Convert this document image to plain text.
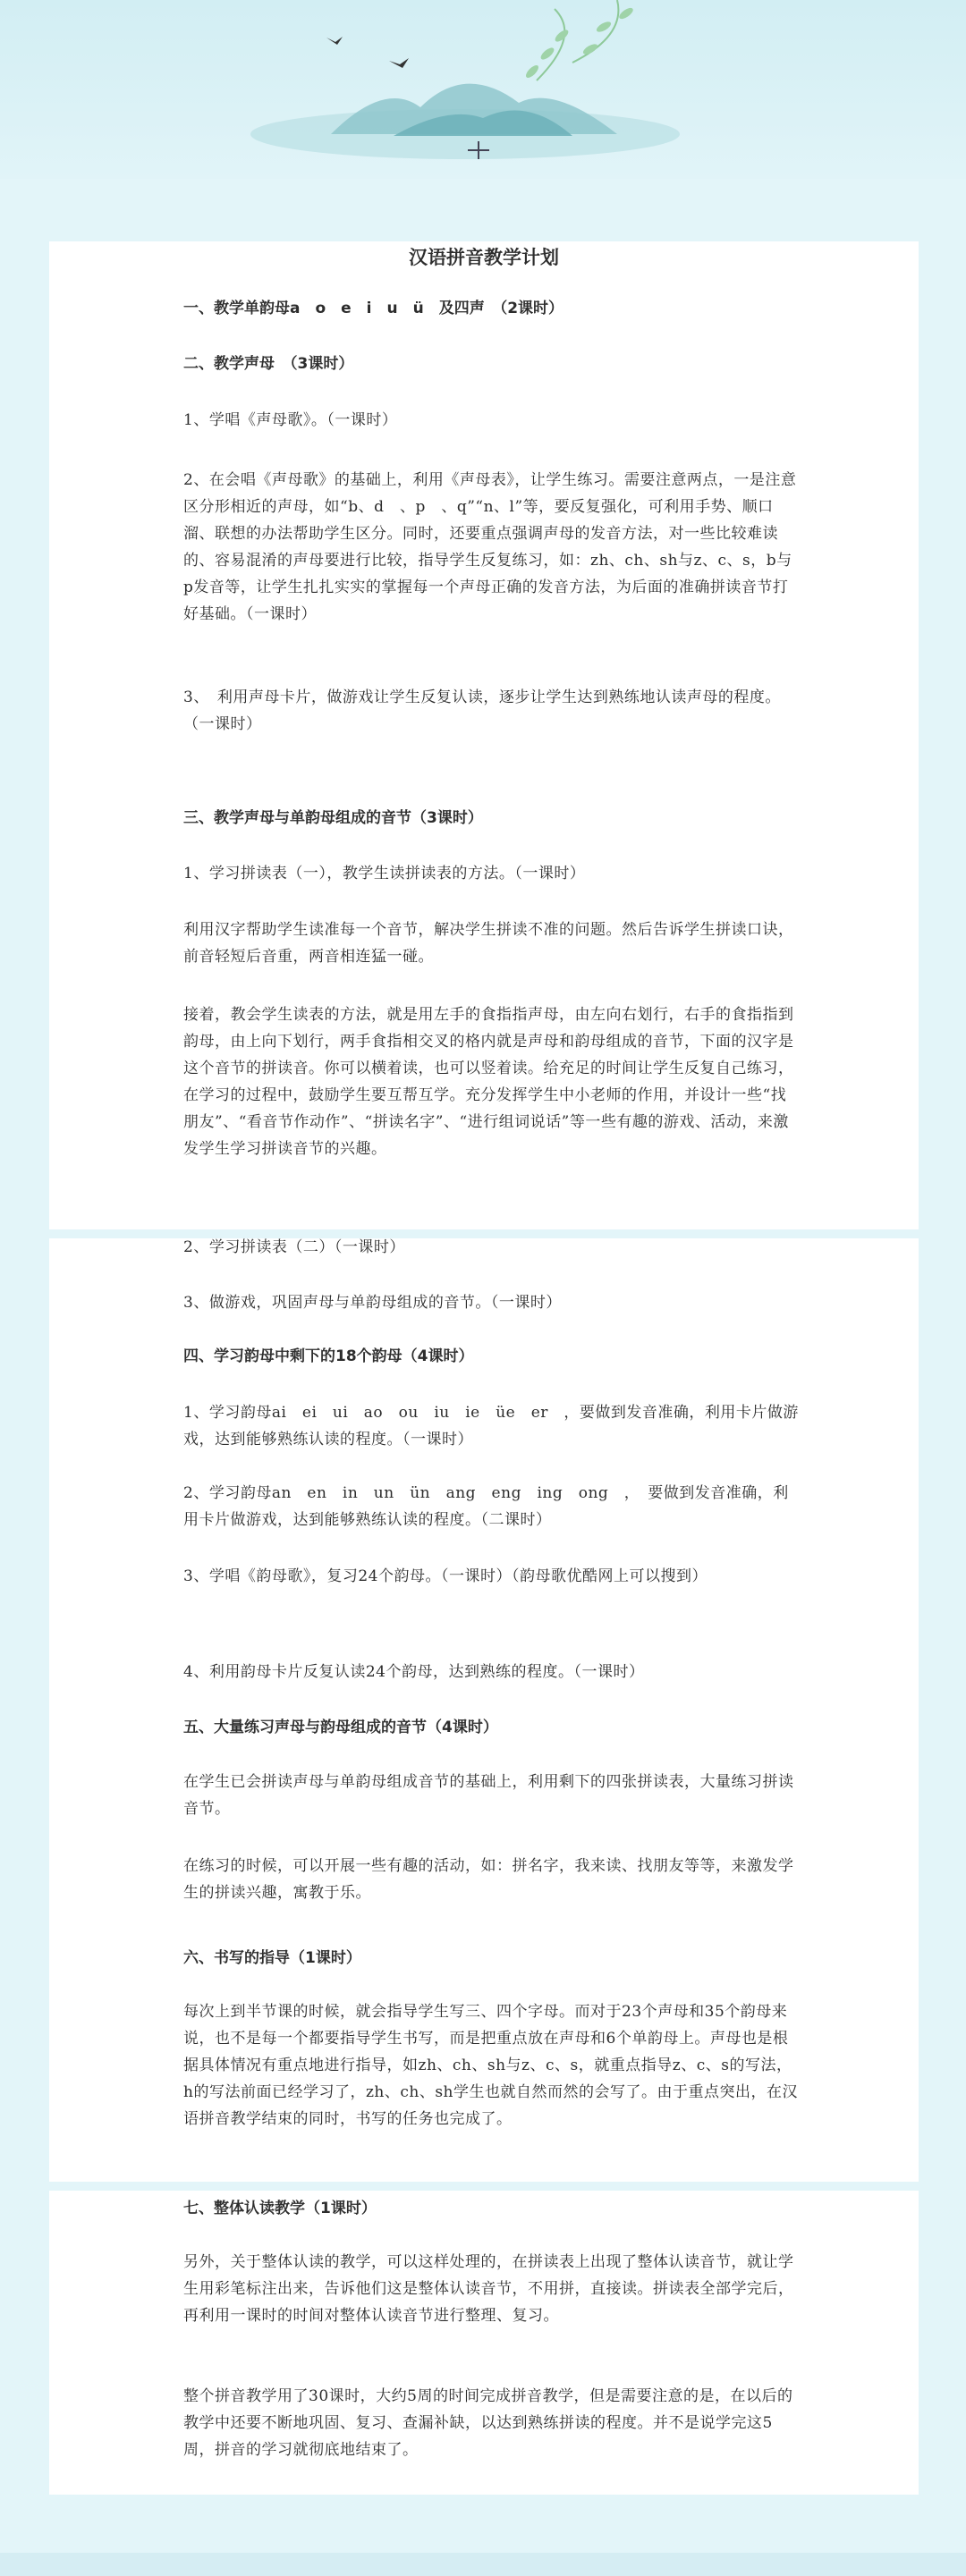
汉语拼音教学计划

一、教学单韵母a　o　e　i　u　ü　及四声　（2课时）

二、教学声母　（3课时）

1、学唱《声母歌》。（一课时）

2、在会唱《声母歌》的基础上，利用《声母表》，让学生练习。需要注意两点，一是注意区分形相近的声母，如“b、d　、p　、q”“n、l”等，要反复强化，可利用手势、顺口溜、联想的办法帮助学生区分。同时，还要重点强调声母的发音方法，对一些比较难读的、容易混淆的声母要进行比较，指导学生反复练习，如：zh、ch、sh与z、c、s，b与p发音等，让学生扎扎实实的掌握每一个声母正确的发音方法，为后面的准确拼读音节打好基础。（一课时）

3、　利用声母卡片，做游戏让学生反复认读，逐步让学生达到熟练地认读声母的程度。（一课时）

三、教学声母与单韵母组成的音节（3课时）

1、学习拼读表（一），教学生读拼读表的方法。（一课时）

利用汉字帮助学生读准每一个音节，解决学生拼读不准的问题。然后告诉学生拼读口诀，前音轻短后音重，两音相连猛一碰。

接着，教会学生读表的方法，就是用左手的食指指声母，由左向右划行，右手的食指指到韵母，由上向下划行，两手食指相交叉的格内就是声母和韵母组成的音节，下面的汉字是这个音节的拼读音。你可以横着读，也可以竖着读。给充足的时间让学生反复自己练习，在学习的过程中，鼓励学生要互帮互学。充分发挥学生中小老师的作用，并设计一些“找朋友”、“看音节作动作”、“拼读名字”、“进行组词说话”等一些有趣的游戏、活动，来激发学生学习拼读音节的兴趣。

2、学习拼读表（二）（一课时）

3、做游戏，巩固声母与单韵母组成的音节。（一课时）

四、学习韵母中剩下的18个韵母（4课时）

1、学习韵母ai　ei　ui　ao　ou　iu　ie　üe　er　，要做到发音准确，利用卡片做游戏，达到能够熟练认读的程度。（一课时）

2、学习韵母an　en　in　un　ün　ang　eng　ing　ong　，　要做到发音准确，利用卡片做游戏，达到能够熟练认读的程度。（二课时）

3、学唱《韵母歌》，复习24个韵母。（一课时）（韵母歌优酷网上可以搜到）

4、利用韵母卡片反复认读24个韵母，达到熟练的程度。（一课时）

五、大量练习声母与韵母组成的音节（4课时）

在学生已会拼读声母与单韵母组成音节的基础上，利用剩下的四张拼读表，大量练习拼读音节。

在练习的时候，可以开展一些有趣的活动，如：拼名字，我来读、找朋友等等，来激发学生的拼读兴趣，寓教于乐。

六、书写的指导（1课时）

每次上到半节课的时候，就会指导学生写三、四个字母。而对于23个声母和35个韵母来说，也不是每一个都要指导学生书写，而是把重点放在声母和6个单韵母上。声母也是根据具体情况有重点地进行指导，如zh、ch、sh与z、c、s，就重点指导z、c、s的写法，h的写法前面已经学习了，zh、ch、sh学生也就自然而然的会写了。由于重点突出，在汉语拼音教学结束的同时，书写的任务也完成了。

七、整体认读教学（1课时）

另外，关于整体认读的教学，可以这样处理的，在拼读表上出现了整体认读音节，就让学生用彩笔标注出来，告诉他们这是整体认读音节，不用拼，直接读。拼读表全部学完后，再利用一课时的时间对整体认读音节进行整理、复习。

整个拼音教学用了30课时，大约5周的时间完成拼音教学，但是需要注意的是，在以后的教学中还要不断地巩固、复习、查漏补缺，以达到熟练拼读的程度。并不是说学完这5周，拼音的学习就彻底地结束了。
